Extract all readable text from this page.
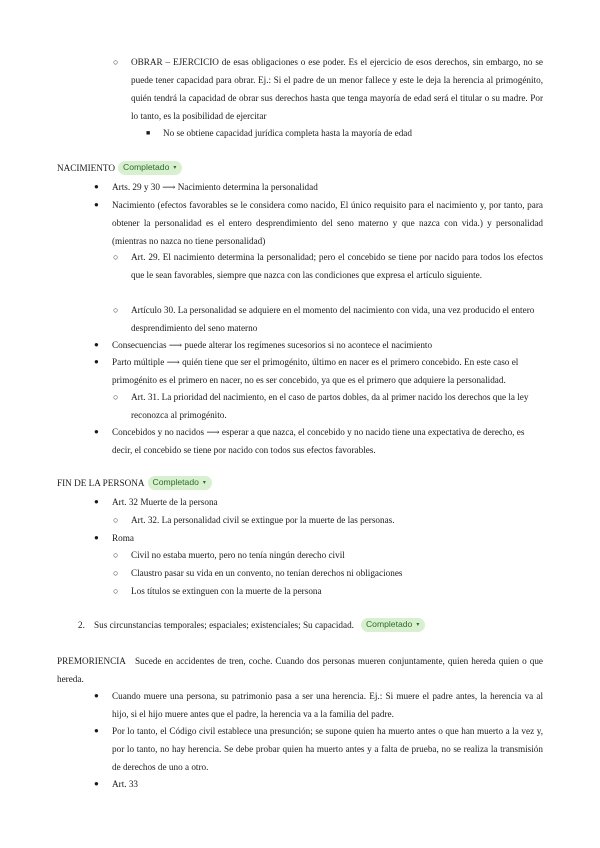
○ OBRAR – EJERCICIO de esas obligaciones o ese poder. Es el ejercicio de esos derechos, sin embargo, no se puede tener capacidad para obrar. Ej.: Si el padre de un menor fallece y este le deja la herencia al primogénito, quién tendrá la capacidad de obrar sus derechos hasta que tenga mayoría de edad será el titular o su madre. Por lo tanto, es la posibilidad de ejercitar
■ No se obtiene capacidad jurídica completa hasta la mayoría de edad
NACIMIENTO Completado ▾
● Arts. 29 y 30 ⟶ Nacimiento determina la personalidad
● Nacimiento (efectos favorables se le considera como nacido, El único requisito para el nacimiento y, por tanto, para obtener la personalidad es el entero desprendimiento del seno materno y que nazca con vida.) y personalidad (mientras no nazca no tiene personalidad)
○ Art. 29. El nacimiento determina la personalidad; pero el concebido se tiene por nacido para todos los efectos que le sean favorables, siempre que nazca con las condiciones que expresa el artículo siguiente.
○ Artículo 30. La personalidad se adquiere en el momento del nacimiento con vida, una vez producido el entero desprendimiento del seno materno
● Consecuencias ⟶ puede alterar los regímenes sucesorios si no acontece el nacimiento
● Parto múltiple ⟶ quién tiene que ser el primogénito, último en nacer es el primero concebido. En este caso el primogénito es el primero en nacer, no es ser concebido, ya que es el primero que adquiere la personalidad.
○ Art. 31. La prioridad del nacimiento, en el caso de partos dobles, da al primer nacido los derechos que la ley reconozca al primogénito.
● Concebidos y no nacidos ⟶ esperar a que nazca, el concebido y no nacido tiene una expectativa de derecho, es decir, el concebido se tiene por nacido con todos sus efectos favorables.
FIN DE LA PERSONA Completado ▾
● Art. 32 Muerte de la persona
○ Art. 32. La personalidad civil se extingue por la muerte de las personas.
● Roma
○ Civil no estaba muerto, pero no tenía ningún derecho civil
○ Claustro pasar su vida en un convento, no tenían derechos ni obligaciones
○ Los títulos se extinguen con la muerte de la persona
2. Sus circunstancias temporales; espaciales; existenciales; Su capacidad. Completado ▾
PREMORIENCIA Sucede en accidentes de tren, coche. Cuando dos personas mueren conjuntamente, quien hereda quien o que hereda.
● Cuando muere una persona, su patrimonio pasa a ser una herencia. Ej.: Si muere el padre antes, la herencia va al hijo, si el hijo muere antes que el padre, la herencia va a la familia del padre.
● Por lo tanto, el Código civil establece una presunción; se supone quien ha muerto antes o que han muerto a la vez y, por lo tanto, no hay herencia. Se debe probar quien ha muerto antes y a falta de prueba, no se realiza la transmisión de derechos de uno a otro.
● Art. 33
